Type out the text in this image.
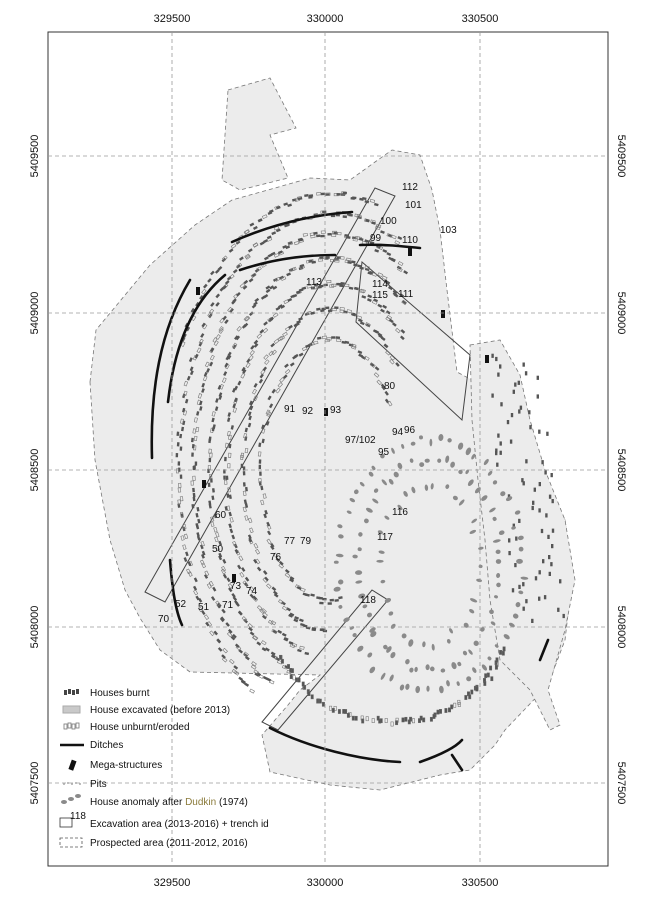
329500	330000	330500
329500	330000	330500
5409500
5409000
5408500
5408000
5407500
5409500
5409000
5408500
5408000
5407500
112
101
100
103
99 110
113	114
115 111
91 92 93
80
94 96
97/102
95
116
117
118
60
50
77 79
76
73 74
52 51 71
70
Houses burnt
House excavated (before 2013)
House unburnt/eroded
Ditches
Mega-structures
Pits
House anomaly after Dudkin (1974)
118
Excavation area (2013-2016) + trench id
Prospected area (2011-2012, 2016)
